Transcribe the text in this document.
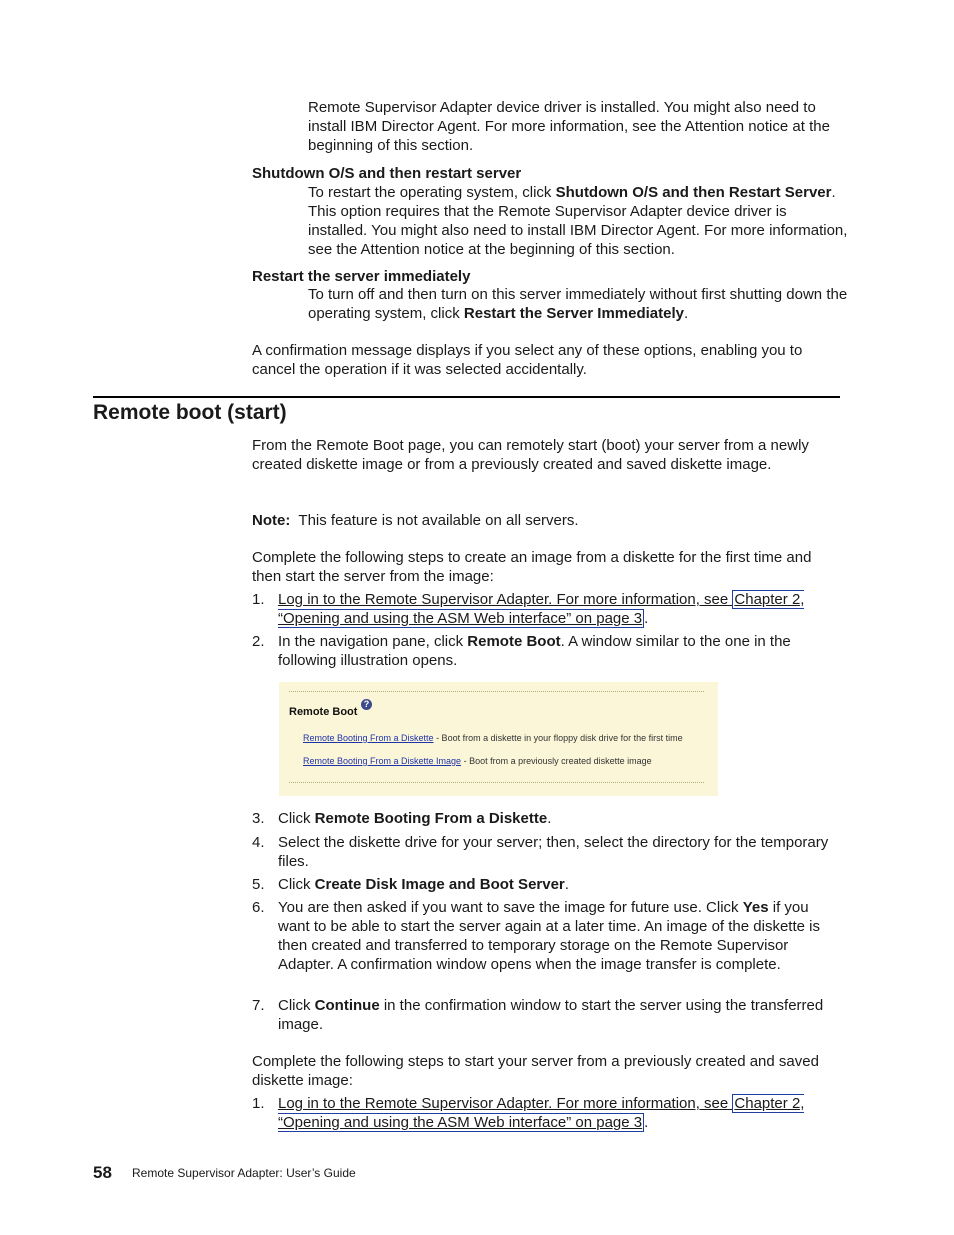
Remote Supervisor Adapter device driver is installed. You might also need to install IBM Director Agent. For more information, see the Attention notice at the beginning of this section.

Shutdown O/S and then restart server

To restart the operating system, click Shutdown O/S and then Restart Server. This option requires that the Remote Supervisor Adapter device driver is installed. You might also need to install IBM Director Agent. For more information, see the Attention notice at the beginning of this section.

Restart the server immediately

To turn off and then turn on this server immediately without first shutting down the operating system, click Restart the Server Immediately.

A confirmation message displays if you select any of these options, enabling you to cancel the operation if it was selected accidentally.

Remote boot (start)

From the Remote Boot page, you can remotely start (boot) your server from a newly created diskette image or from a previously created and saved diskette image.

Note: This feature is not available on all servers.

Complete the following steps to create an image from a diskette for the first time and then start the server from the image:

1. Log in to the Remote Supervisor Adapter. For more information, see Chapter 2, “Opening and using the ASM Web interface” on page 3 .
2. In the navigation pane, click Remote Boot. A window similar to the one in the following illustration opens.
Remote Boot
?
Remote Booting From a Diskette - Boot from a diskette in your floppy disk drive for the first time
Remote Booting From a Diskette Image - Boot from a previously created diskette image
3. Click Remote Booting From a Diskette.
4. Select the diskette drive for your server; then, select the directory for the temporary files.
5. Click Create Disk Image and Boot Server.
6. You are then asked if you want to save the image for future use. Click Yes if you want to be able to start the server again at a later time. An image of the diskette is then created and transferred to temporary storage on the Remote Supervisor Adapter. A confirmation window opens when the image transfer is complete.
7. Click Continue in the confirmation window to start the server using the transferred image.

Complete the following steps to start your server from a previously created and saved diskette image:

1. Log in to the Remote Supervisor Adapter. For more information, see Chapter 2, “Opening and using the ASM Web interface” on page 3 .
58 Remote Supervisor Adapter: User’s Guide
